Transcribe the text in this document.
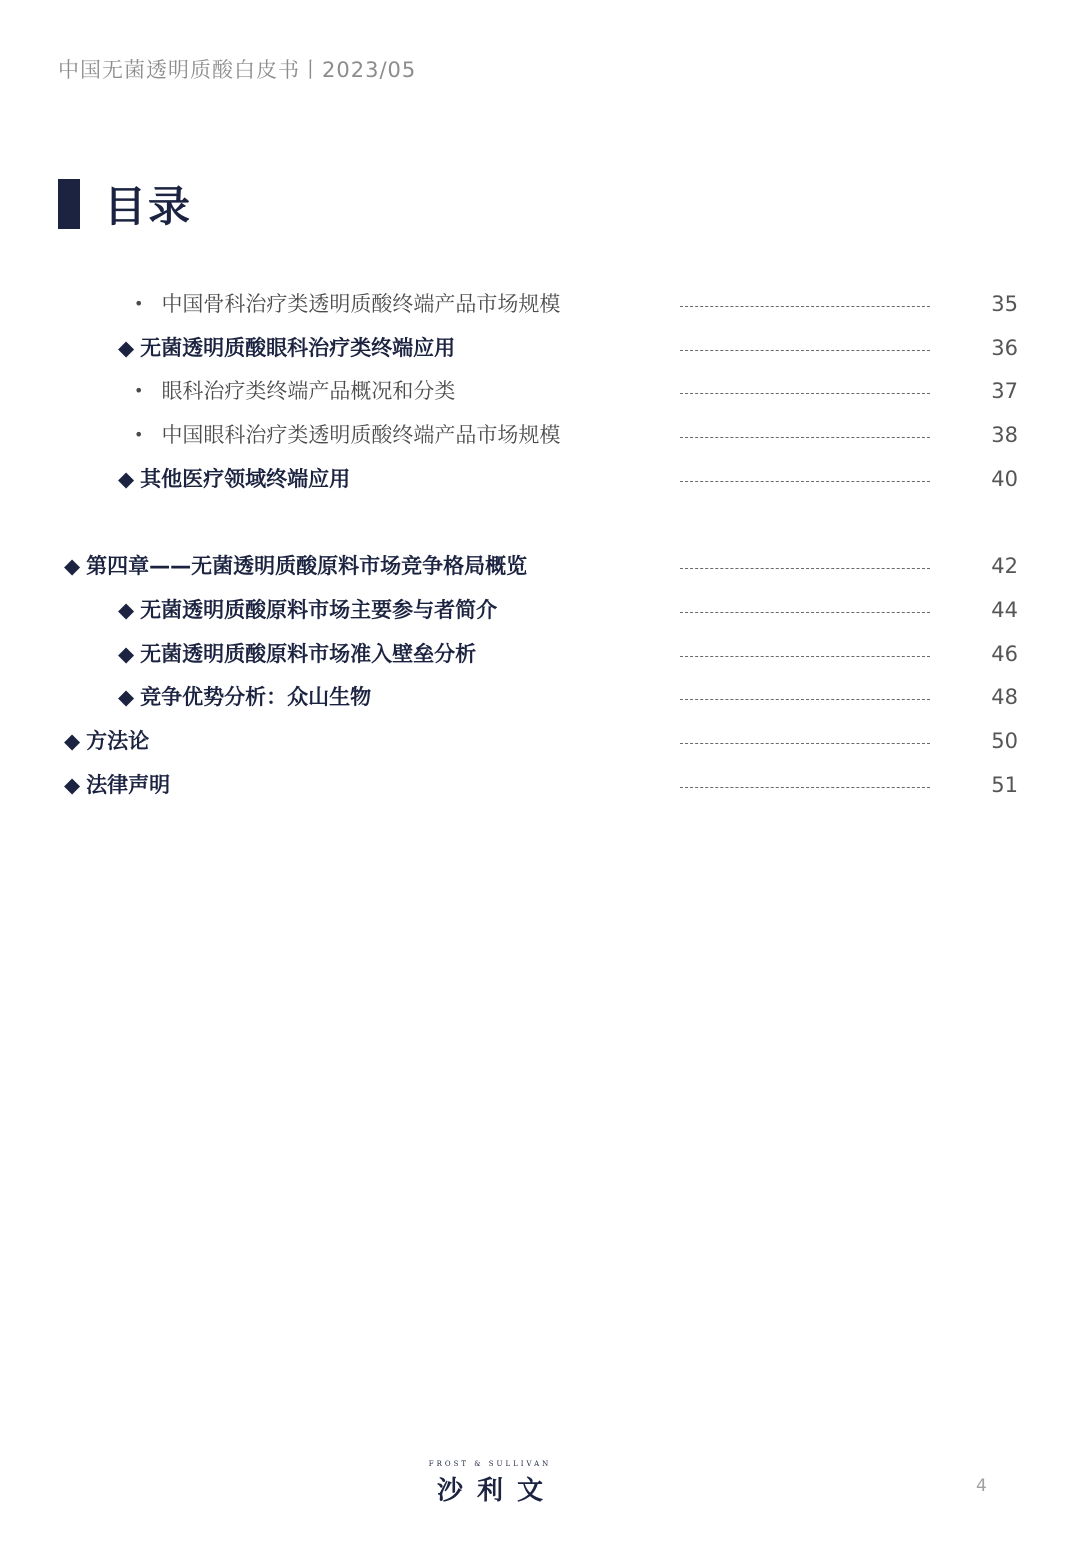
中国无菌透明质酸白皮书丨2023/05
目录
• 中国骨科治疗类透明质酸终端产品市场规模	35
◆ 无菌透明质酸眼科治疗类终端应用	36
• 眼科治疗类终端产品概况和分类	37
• 中国眼科治疗类透明质酸终端产品市场规模	38
◆ 其他医疗领域终端应用	40
◆ 第四章——无菌透明质酸原料市场竞争格局概览	42
◆ 无菌透明质酸原料市场主要参与者简介	44
◆ 无菌透明质酸原料市场准入壁垒分析	46
◆ 竞争优势分析：众山生物	48
◆ 方法论	50
◆ 法律声明	51
FROST & SULLIVAN
沙利文	4
